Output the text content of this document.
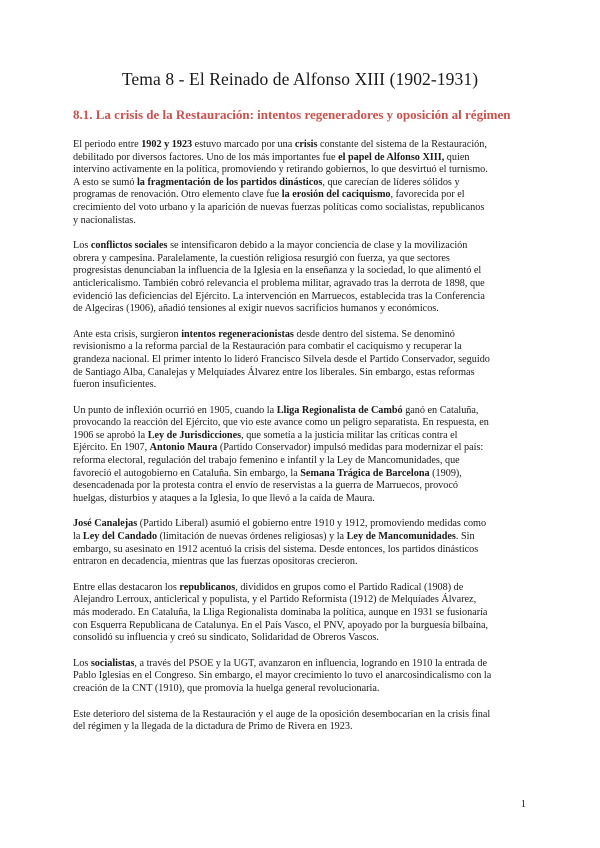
Tema 8 - El Reinado de Alfonso XIII (1902-1931)
8.1. La crisis de la Restauración: intentos regeneradores y oposición al régimen

El periodo entre 1902 y 1923 estuvo marcado por una crisis constante del sistema de la Restauración,
debilitado por diversos factores. Uno de los más importantes fue el papel de Alfonso XIII, quien
intervino activamente en la política, promoviendo y retirando gobiernos, lo que desvirtuó el turnismo.
A esto se sumó la fragmentación de los partidos dinásticos, que carecían de líderes sólidos y
programas de renovación. Otro elemento clave fue la erosión del caciquismo, favorecida por el
crecimiento del voto urbano y la aparición de nuevas fuerzas políticas como socialistas, republicanos
y nacionalistas.

Los conflictos sociales se intensificaron debido a la mayor conciencia de clase y la movilización
obrera y campesina. Paralelamente, la cuestión religiosa resurgió con fuerza, ya que sectores
progresistas denunciaban la influencia de la Iglesia en la enseñanza y la sociedad, lo que alimentó el
anticlericalismo. También cobró relevancia el problema militar, agravado tras la derrota de 1898, que
evidenció las deficiencias del Ejército. La intervención en Marruecos, establecida tras la Conferencia
de Algeciras (1906), añadió tensiones al exigir nuevos sacrificios humanos y económicos.

Ante esta crisis, surgieron intentos regeneracionistas desde dentro del sistema. Se denominó
revisionismo a la reforma parcial de la Restauración para combatir el caciquismo y recuperar la
grandeza nacional. El primer intento lo lideró Francisco Silvela desde el Partido Conservador, seguido
de Santiago Alba, Canalejas y Melquíades Álvarez entre los liberales. Sin embargo, estas reformas
fueron insuficientes.

Un punto de inflexión ocurrió en 1905, cuando la Lliga Regionalista de Cambó ganó en Cataluña,
provocando la reacción del Ejército, que vio este avance como un peligro separatista. En respuesta, en
1906 se aprobó la Ley de Jurisdicciones, que sometía a la justicia militar las críticas contra el
Ejército. En 1907, Antonio Maura (Partido Conservador) impulsó medidas para modernizar el país:
reforma electoral, regulación del trabajo femenino e infantil y la Ley de Mancomunidades, que
favoreció el autogobierno en Cataluña. Sin embargo, la Semana Trágica de Barcelona (1909),
desencadenada por la protesta contra el envío de reservistas a la guerra de Marruecos, provocó
huelgas, disturbios y ataques a la Iglesia, lo que llevó a la caída de Maura.

José Canalejas (Partido Liberal) asumió el gobierno entre 1910 y 1912, promoviendo medidas como
la Ley del Candado (limitación de nuevas órdenes religiosas) y la Ley de Mancomunidades. Sin
embargo, su asesinato en 1912 acentuó la crisis del sistema. Desde entonces, los partidos dinásticos
entraron en decadencia, mientras que las fuerzas opositoras crecieron.

Entre ellas destacaron los republicanos, divididos en grupos como el Partido Radical (1908) de
Alejandro Lerroux, anticlerical y populista, y el Partido Reformista (1912) de Melquíades Álvarez,
más moderado. En Cataluña, la Lliga Regionalista dominaba la política, aunque en 1931 se fusionaría
con Esquerra Republicana de Catalunya. En el País Vasco, el PNV, apoyado por la burguesía bilbaína,
consolidó su influencia y creó su sindicato, Solidaridad de Obreros Vascos.

Los socialistas, a través del PSOE y la UGT, avanzaron en influencia, logrando en 1910 la entrada de
Pablo Iglesias en el Congreso. Sin embargo, el mayor crecimiento lo tuvo el anarcosindicalismo con la
creación de la CNT (1910), que promovía la huelga general revolucionaria.

Este deterioro del sistema de la Restauración y el auge de la oposición desembocarían en la crisis final
del régimen y la llegada de la dictadura de Primo de Rivera en 1923.

1
